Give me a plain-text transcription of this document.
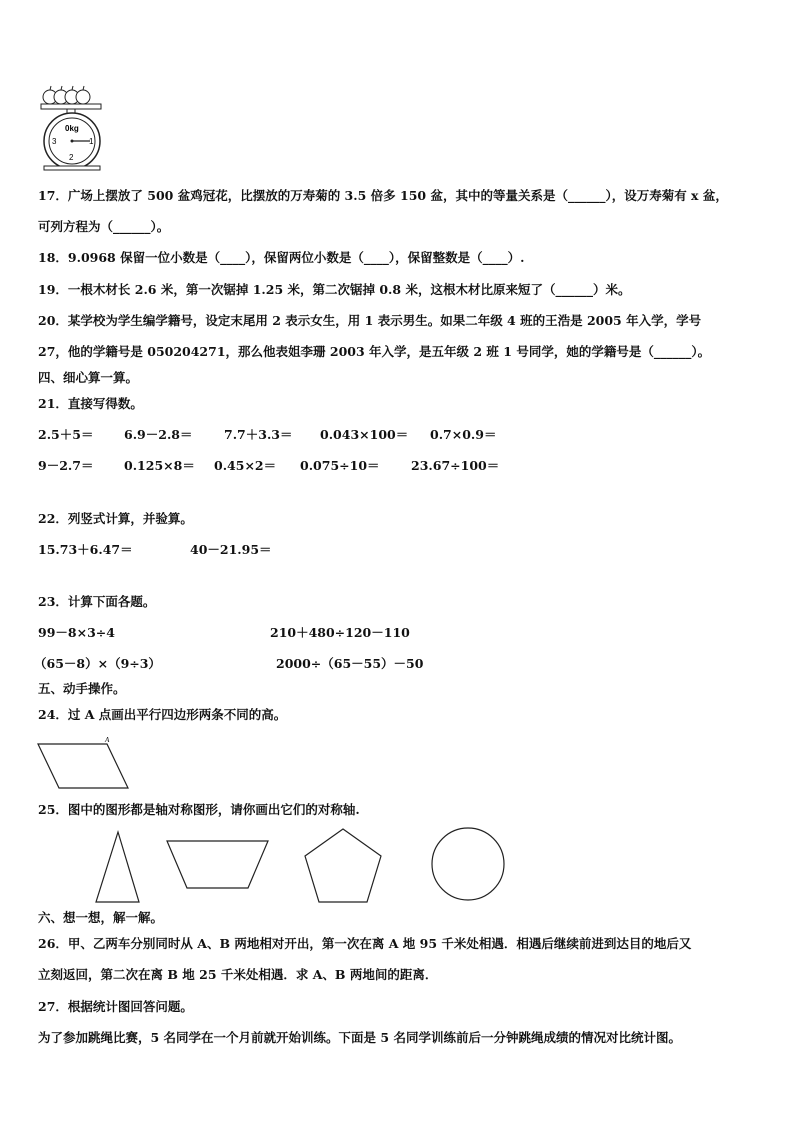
0kg
3	1
2
17．广场上摆放了 500 盆鸡冠花，比摆放的万寿菊的 3.5 倍多 150 盆，其中的等量关系是（______），设万寿菊有 x 盆，
可列方程为（______）。
18．9.0968 保留一位小数是（____），保留两位小数是（____），保留整数是（____）.
19．一根木材长 2.6 米，第一次锯掉 1.25 米，第二次锯掉 0.8 米，这根木材比原来短了（______）米。
20．某学校为学生编学籍号，设定末尾用 2 表示女生，用 1 表示男生。如果二年级 4 班的王浩是 2005 年入学，学号
27，他的学籍号是 050204271，那么他表姐李珊 2003 年入学，是五年级 2 班 1 号同学，她的学籍号是（______）。
四、细心算一算。
21．直接写得数。
2.5＋5＝ 6.9－2.8＝	7.7＋3.3＝ 0.043×100＝ 0.7×0.9＝
9－2.7＝ 0.125×8＝ 0.45×2＝ 0.075÷10＝	23.67÷100＝
22．列竖式计算，并验算。
15.73＋6.47＝	40－21.95＝
23．计算下面各题。
99－8×3÷4	210＋480÷120－110
（65－8）×（9÷3）	2000÷（65－55）－50
五、动手操作。
24．过 A 点画出平行四边形两条不同的高。
A
25．图中的图形都是轴对称图形，请你画出它们的对称轴.
六、想一想，解一解。
26．甲、乙两车分别同时从 A、B 两地相对开出，第一次在离 A 地 95 千米处相遇．相遇后继续前进到达目的地后又
立刻返回，第二次在离 B 地 25 千米处相遇．求 A、B 两地间的距离．
27．根据统计图回答问题。
为了参加跳绳比赛，5 名同学在一个月前就开始训练。下面是 5 名同学训练前后一分钟跳绳成绩的情况对比统计图。
